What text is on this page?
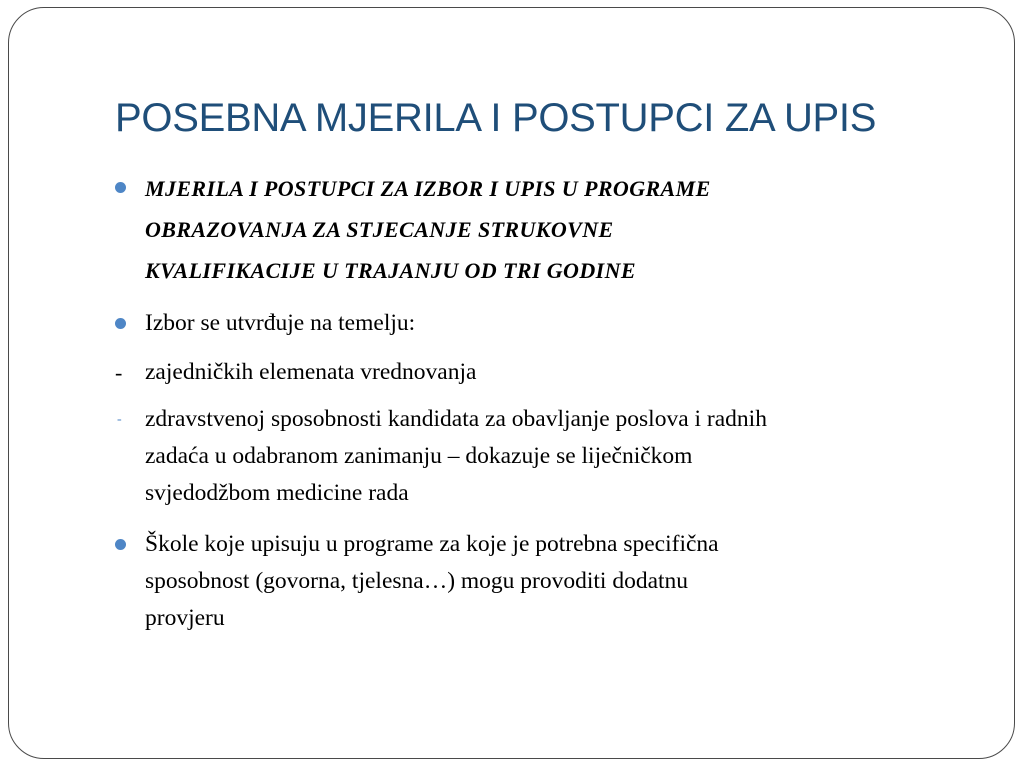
POSEBNA MJERILA I POSTUPCI ZA UPIS
MJERILA I POSTUPCI ZA IZBOR I UPIS U PROGRAME
OBRAZOVANJA ZA STJECANJE STRUKOVNE
KVALIFIKACIJE U TRAJANJU OD TRI GODINE
Izbor se utvrđuje na temelju:
- zajedničkih elemenata vrednovanja
- zdravstvenoj sposobnosti kandidata za obavljanje poslova i radnih
zadaća u odabranom zanimanju – dokazuje se liječničkom
svjedodžbom medicine rada
Škole koje upisuju u programe za koje je potrebna specifična
sposobnost (govorna, tjelesna…) mogu provoditi dodatnu
provjeru
